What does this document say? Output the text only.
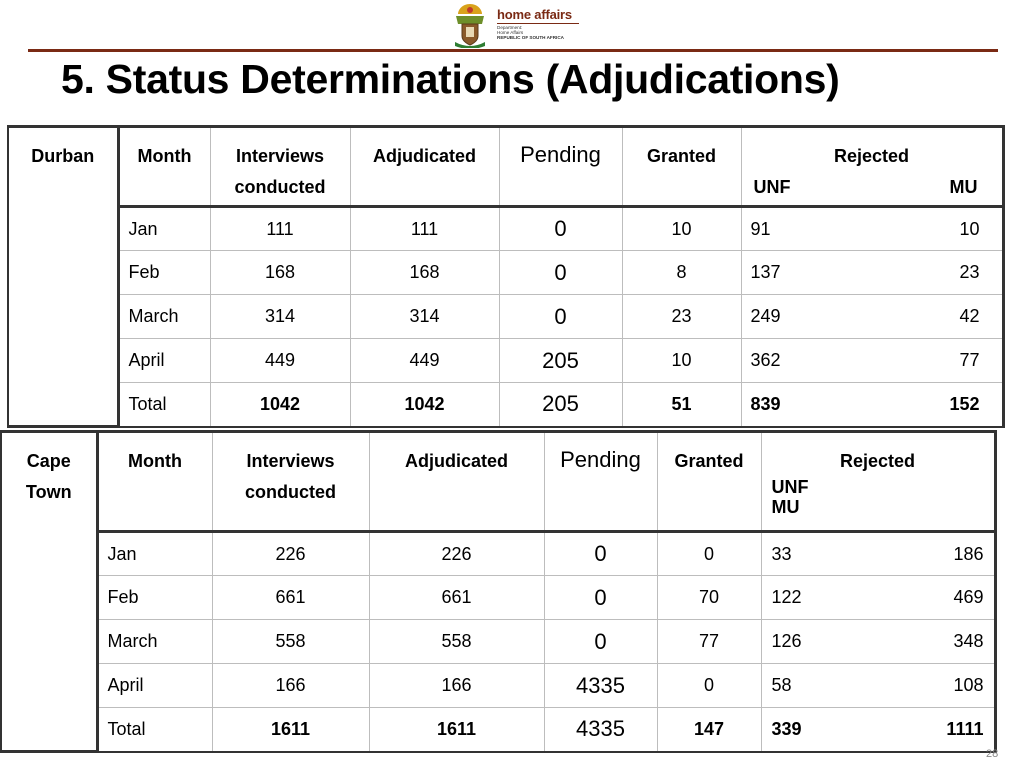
home affairs
Department:
Home Affairs
REPUBLIC OF SOUTH AFRICA
5. Status Determinations (Adjudications)
Durban	Month	Interviews
conducted	Adjudicated	Pending	Granted	Rejected
UNF MU

	Jan	111	111	0	10	91 10

	Feb	168	168	0	8	137 23

	March	314	314	0	23	249 42

	April	449	449	205	10	362 77

	Total	1042	1042	205	51	839 152
Cape
Town	Month	Interviews
conducted	Adjudicated	Pending	Granted	Rejected
UNF
MU

	Jan	226	226	0	0	33 186

	Feb	661	661	0	70	122 469

	March	558	558	0	77	126 348

	April	166	166	4335	0	58 108

	Total	1611	1611	4335	147	339 1111
28
